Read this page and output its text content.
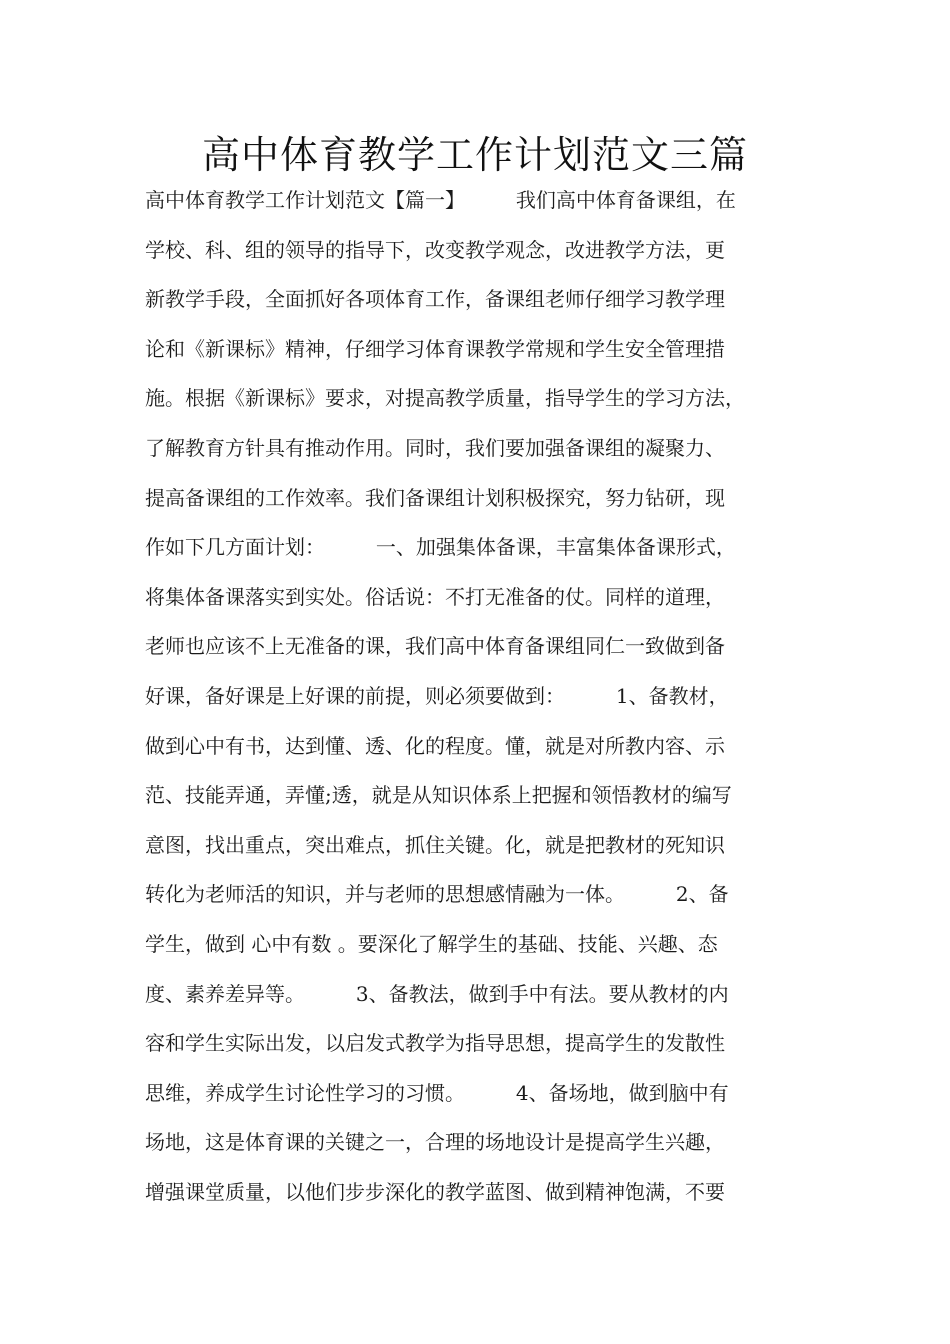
高中体育教学工作计划范文三篇
高中体育教学工作计划范文【篇一】        我们高中体育备课组，在
学校、科、组的领导的指导下，改变教学观念，改进教学方法，更
新教学手段，全面抓好各项体育工作，备课组老师仔细学习教学理
论和《新课标》精神，仔细学习体育课教学常规和学生安全管理措
施。根据《新课标》要求，对提高教学质量，指导学生的学习方法，
了解教育方针具有推动作用。同时，我们要加强备课组的凝聚力、
提高备课组的工作效率。我们备课组计划积极探究，努力钻研，现
作如下几方面计划：        一、加强集体备课，丰富集体备课形式，
将集体备课落实到实处。俗话说：不打无准备的仗。同样的道理，
老师也应该不上无准备的课，我们高中体育备课组同仁一致做到备
好课，备好课是上好课的前提，则必须要做到：        1、备教材，
做到心中有书，达到懂、透、化的程度。懂，就是对所教内容、示
范、技能弄通，弄懂;透，就是从知识体系上把握和领悟教材的编写
意图，找出重点，突出难点，抓住关键。化，就是把教材的死知识
转化为老师活的知识，并与老师的思想感情融为一体。        2、备
学生，做到 心中有数 。要深化了解学生的基础、技能、兴趣、态
度、素养差异等。        3、备教法，做到手中有法。要从教材的内
容和学生实际出发，以启发式教学为指导思想，提高学生的发散性
思维，养成学生讨论性学习的习惯。        4、备场地，做到脑中有
场地，这是体育课的关键之一，合理的场地设计是提高学生兴趣，
增强课堂质量，以他们步步深化的教学蓝图、做到精神饱满，不要
